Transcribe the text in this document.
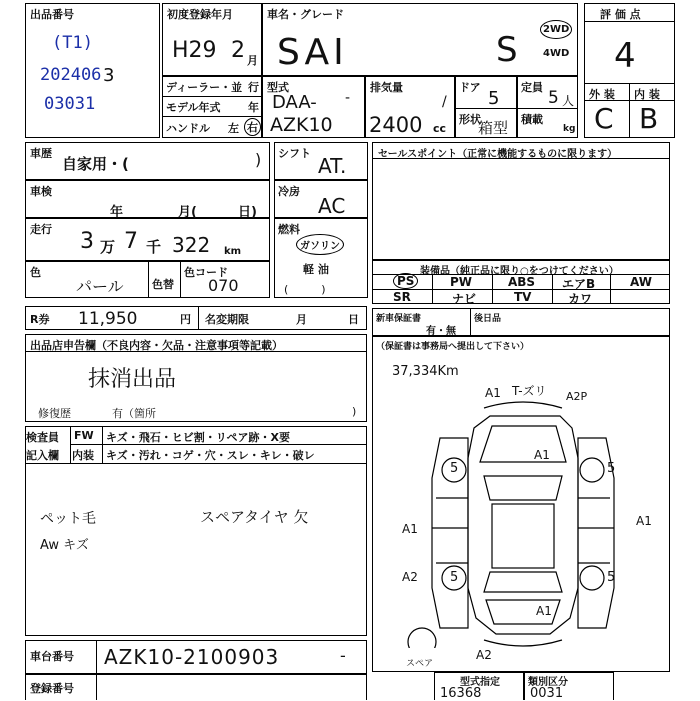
出品番号
(T1)
202406 3
03031
初度登録年月
H29 2 月
車名・グレード
SAI	S
2WD
4WD
評 価 点
4
外 装 内 装
C B
ディーラー・並 行
モデル年式	年
ハンドル 左 右
型式
DAA- -
AZK10
排気量
/
2400 cc
ドア
5
形状
箱型
定員
5 人
積載
kg
車歴
自家用・(	)
車検
年	月(	日)
走行 3 万 7 千 322 km
色
パール	色替
色コード
070
シフト
AT.
冷房
AC
燃料
ガソリン
軽 油
(　　　)
セールスポイント（正常に機能するものに限ります）
装備品（純正品に限り○をつけてください）
PS	PW	ABS エアB	AW
SR	ナビ	TV	カワ
R券 11,950	円 名変期限	月	日 新車保証書
有・無
後日品
出品店申告欄（不良内容・欠品・注意事項等記載）
抹消出品
修復歴	有（箇所	)
検査員
記入欄
FW キズ・飛石・ヒビ割・リペア跡・X要
内装 キズ・汚れ・コゲ・穴・スレ・キレ・破レ
ペット毛
Aw キズ
スペアタイヤ 欠
（保証書は事務局へ提出して下さい）
37,334Km
A1 T-ズリ A2P
A1
A1
A1
A2
A2
A1
5	5
5	5
スペア
車台番号 AZK10-2100903	-
登録番号	型式指定
16368
類別区分
0031
